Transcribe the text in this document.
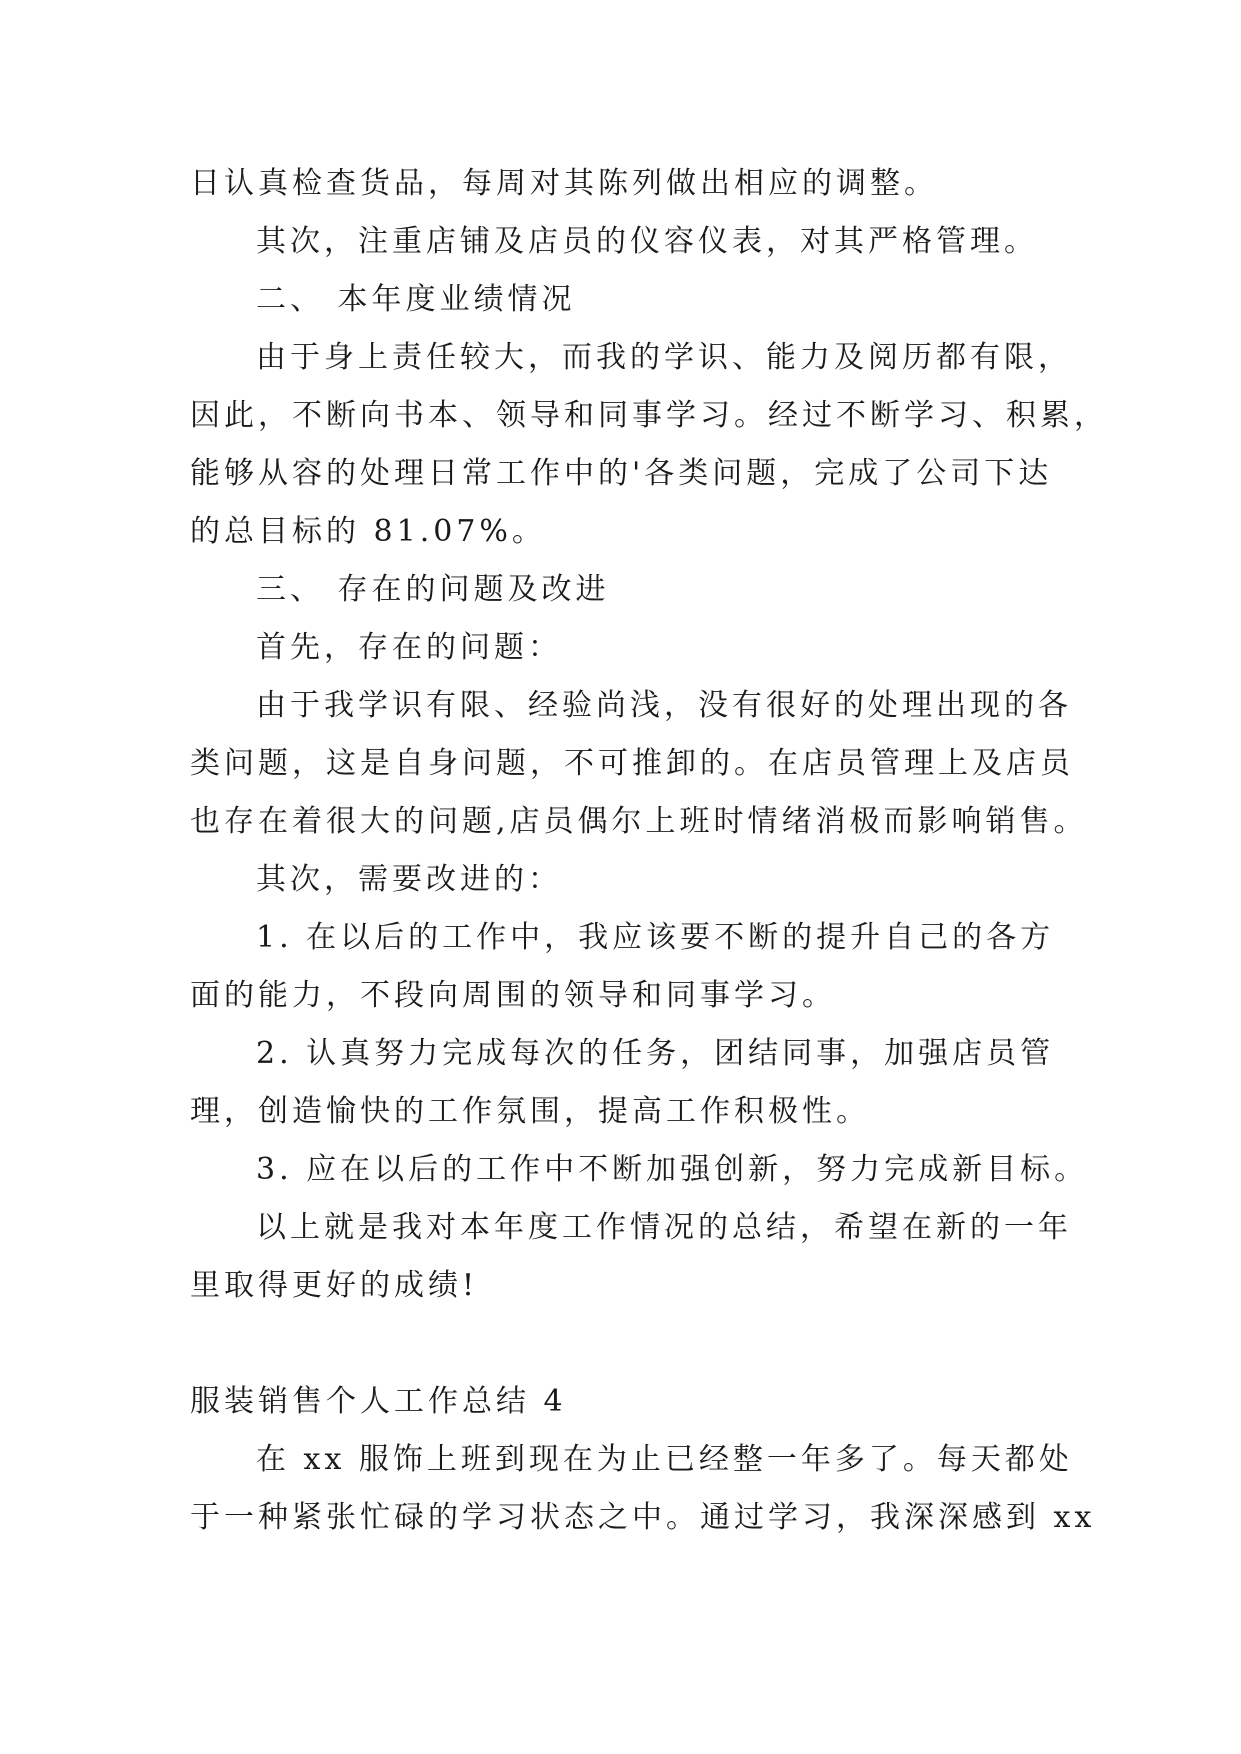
日认真检查货品，每周对其陈列做出相应的调整。
其次，注重店铺及店员的仪容仪表，对其严格管理。
二、 本年度业绩情况
由于身上责任较大，而我的学识、能力及阅历都有限，
因此，不断向书本、领导和同事学习。经过不断学习、积累，
能够从容的处理日常工作中的'各类问题，完成了公司下达
的总目标的 81.07%。
三、 存在的问题及改进
首先，存在的问题：
由于我学识有限、经验尚浅，没有很好的处理出现的各
类问题，这是自身问题，不可推卸的。在店员管理上及店员
也存在着很大的问题,店员偶尔上班时情绪消极而影响销售。
其次，需要改进的：
1. 在以后的工作中，我应该要不断的提升自己的各方
面的能力，不段向周围的领导和同事学习。
2. 认真努力完成每次的任务，团结同事，加强店员管
理，创造愉快的工作氛围，提高工作积极性。
3. 应在以后的工作中不断加强创新，努力完成新目标。
以上就是我对本年度工作情况的总结，希望在新的一年
里取得更好的成绩!
服装销售个人工作总结 4
在 xx 服饰上班到现在为止已经整一年多了。每天都处
于一种紧张忙碌的学习状态之中。通过学习，我深深感到 xx
